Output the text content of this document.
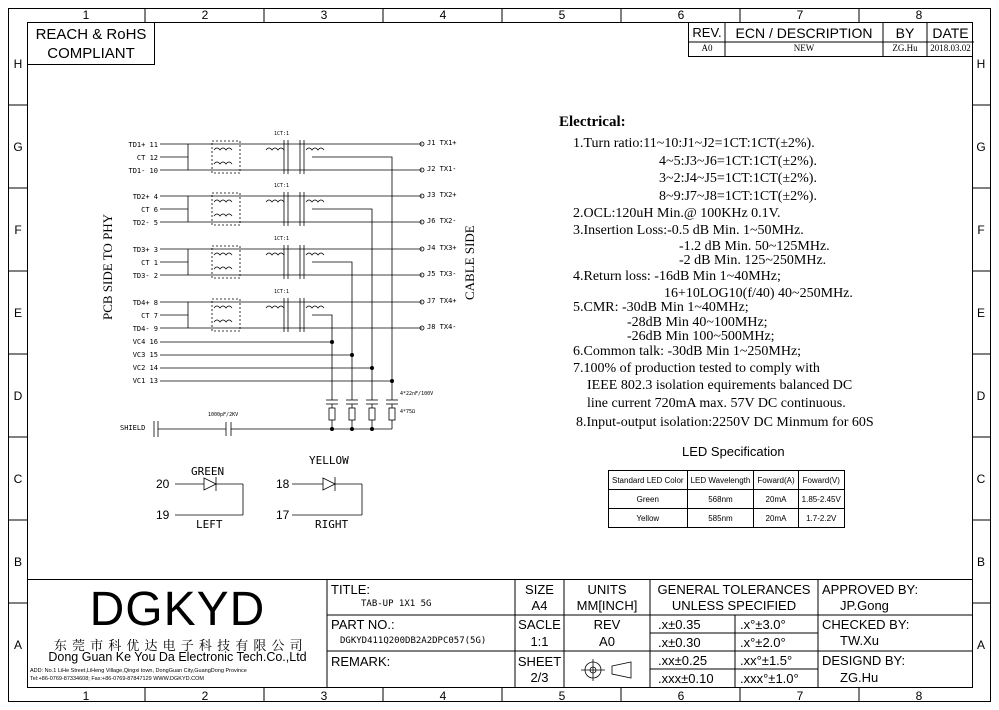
1	2	3	4	5	6	7	8
1	2	3	4	5	6	7	8
H
G
F
E
D
C
B
A
H
G
F
E
D
C
B
A
REACH & RoHS
COMPLIANT
REV. ECN / DESCRIPTION	BY	DATE
A0	NEW	ZG.Hu	2018.03.02
PCB SIDE TO PHY	CABLE SIDE
TD1+ 11
CT 12
TD1- 10
TD2+ 4
CT 6
TD2- 5
TD3+ 3
CT 1
TD3- 2
TD4+ 8
CT 7
TD4- 9
VC4 16
VC3 15
VC2 14
VC1 13
J1 TX1+
J2 TX1-
J3 TX2+
J6 TX2-
J4 TX3+
J5 TX3-
J7 TX4+
J8 TX4-
1CT:1
1CT:1
1CT:1
1CT:1
4*22nF/100V
4*75Ω
SHIELD
1000pF/2KV
GREEN
20
19
LEFT
YELLOW
18
17
RIGHT
Electrical:
1.Turn ratio:11~10:J1~J2=1CT:1CT(±2%).
4~5:J3~J6=1CT:1CT(±2%).
3~2:J4~J5=1CT:1CT(±2%).
8~9:J7~J8=1CT:1CT(±2%).
2.OCL:120uH Min.@ 100KHz 0.1V.
3.Insertion Loss:-0.5 dB Min. 1~50MHz.
-1.2 dB Min. 50~125MHz.
-2 dB Min. 125~250MHz.
4.Return loss: -16dB Min 1~40MHz;
16+10LOG10(f/40) 40~250MHz.
5.CMR: -30dB Min 1~40MHz;
-28dB Min 40~100MHz;
-26dB Min 100~500MHz;
6.Common talk: -30dB Min 1~250MHz;
7.100% of production tested to comply with
IEEE 802.3 isolation equirements balanced DC
line current 720mA max. 57V DC continuous.
8.Input-output isolation:2250V DC Minmum for 60S
LED Specification
Standard LED Color	LED Wavelength	Foward(A)	Foward(V)
Green	568nm	20mA	1.85-2.45V
Yellow	585nm	20mA	1.7-2.2V
DGKYD
东 莞 市 科 优 达 电 子 科 技 有 限 公 司
Dong Guan Ke You Da Electronic Tech.Co.,Ltd
ADD: No.1 LiHe Street,LiHeng Village,Qingxi town, DongGuan City,GuangDong Province
Tel:+86-0769-87334608; Fax:+86-0769-87847129 WWW.DGKYD.COM
TITLE:
TAB-UP 1X1 5G
PART NO.:
DGKYD411Q200DB2A2DPC057(5G)
REMARK:
SIZE
A4
UNITS
MM[INCH]
SACLE
1:1
REV
A0
SHEET
2/3
GENERAL TOLERANCES
UNLESS SPECIFIED
.x±0.35	.x°±3.0°
.x±0.30	.x°±2.0°
.xx±0.25	.xx°±1.5°
.xxx±0.10 .xxx°±1.0°
APPROVED BY:
JP.Gong
CHECKED BY:
TW.Xu
DESIGND BY:
ZG.Hu
